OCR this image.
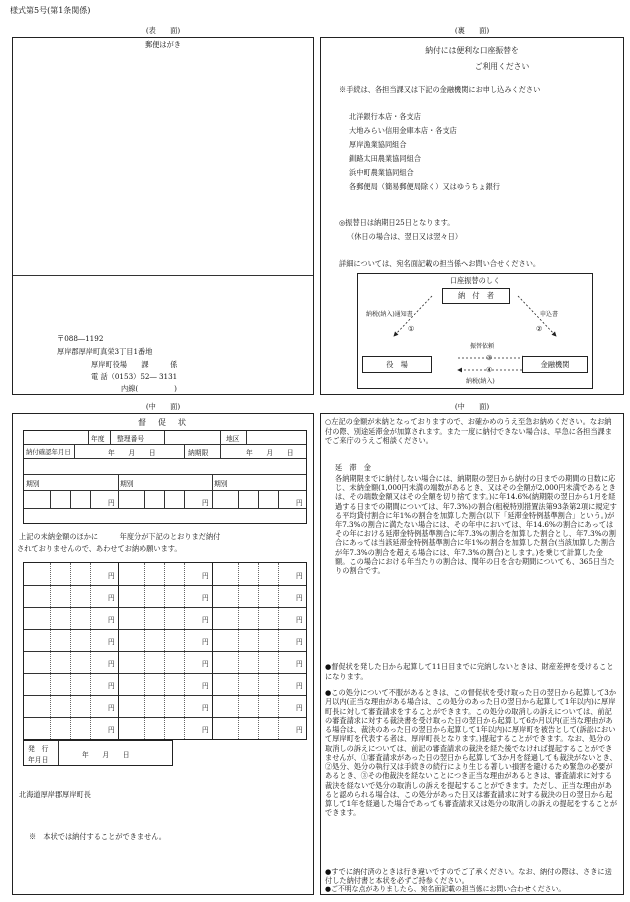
様式第5号(第1条関係)
(表　　面)
郵便はがき
〒088―1192
厚岸郡厚岸町真栄3丁目1番地
厚岸町役場　　課　　　係
電 話（0153）52― 3131
内線(　　　　　)
(裏　　面)
納付には便利な口座振替を
ご利用ください
※手続は、各担当課又は下記の金融機関にお申し込みください
北洋銀行本店・各支店
大地みらい信用金庫本店・各支店
厚岸漁業協同組合
釧路太田農業協同組合
浜中町農業協同組合
各郵便局（簡易郵便局除く）又はゆうちょ銀行
◎振替日は納期日25日となります。
（休日の場合は、翌日又は翌々日）
詳細については、宛名面記載の担当係へお問い合せください。
口座振替のしく
納　付　者
役　場	金融機関
納税(納入)通知書	申込書
①	②
振替依頼
③
④
納税(納入)
(中　　面)
督　促　状
年度 整理番号	地区
納付確認年月日	年　　月　　日	納期限	年　　月　　日
期別	期別	期別
円	円	円
上記の未納金額のほかに　　　年度分が下記のとおりまだ納付
されておりませんので、あわせてお納め願います。
円	円	円
円	円	円
円	円	円
円	円	円
円	円	円
円	円	円
円	円	円
円	円	円
発　行
年月日
年　　月　　日
北海道厚岸郡厚岸町長
※　本状では納付することができません。
(中　　面)
○左記の金額が未納となっておりますので、お確かめのうえ至急お納めください。なお納付の際、別途延滞金が加算されます。また一度に納付できない場合は、早急に各担当課までご来庁のうえご相談ください。
延　滞　金
各納期限までに納付しない場合には、納期限の翌日から納付の日までの期間の日数に応じ、未納金額(1,000円未満の端数があるとき、又はその全額が2,000円未満であるときは、その端数金額又はその全額を切り捨てます。)に年14.6%(納期限の翌日から1月を経過する日までの期間については、年7.3%)の割合(租税特別措置法第93条第2項に規定する平均貸付割合に年1%の割合を加算した割合(以下「延滞金特例基準割合」という。)が年7.3%の割合に満たない場合には、その年中においては、年14.6%の割合にあってはその年における延滞金特例基準割合に年7.3%の割合を加算した割合とし、年7.3%の割合にあっては当該延滞金特例基準割合に年1%の割合を加算した割合(当該加算した割合が年7.3%の割合を超える場合には、年7.3%の割合)とします。)を乗じて計算した金額。この場合における年当たりの割合は、閏年の日を含む期間についても、365日当たりの割合です。
●督促状を発した日から起算して11日目までに完納しないときは、財産差押を受けることになります。
●この処分について不服があるときは、この督促状を受け取った日の翌日から起算して3か月以内(正当な理由がある場合は、この処分のあった日の翌日から起算して1年以内)に厚岸町長に対して審査請求をすることができます。この処分の取消しの訴えについては、前記の審査請求に対する裁決書を受け取った日の翌日から起算して6か月以内(正当な理由がある場合は、裁決のあった日の翌日から起算して1年以内)に厚岸町を被告として(訴訟において厚岸町を代表する者は、厚岸町長となります。)提起することができます。なお、処分の取消しの訴えについては、前記の審査請求の裁決を経た後でなければ提起することができませんが、①審査請求があった日の翌日から起算して3か月を経過しても裁決がないとき、②処分、処分の執行又は手続きの続行により生じる著しい損害を避けるため緊急の必要があるとき、③その他裁決を経ないことにつき正当な理由があるときは、審査請求に対する裁決を経ないで処分の取消しの訴えを提起することができます。ただし、正当な理由があると認められる場合は、この処分があった日又は審査請求に対する裁決の日の翌日から起算して1年を経過した場合であっても審査請求又は処分の取消しの訴えの提起をすることができます。
●すでに納付済のときは行き違いですのでご了承ください。なお、納付の際は、さきに送付した納付書と本状を必ずご持参ください。
●ご不明な点がありましたら、宛名面記載の担当係にお問い合わせください。
